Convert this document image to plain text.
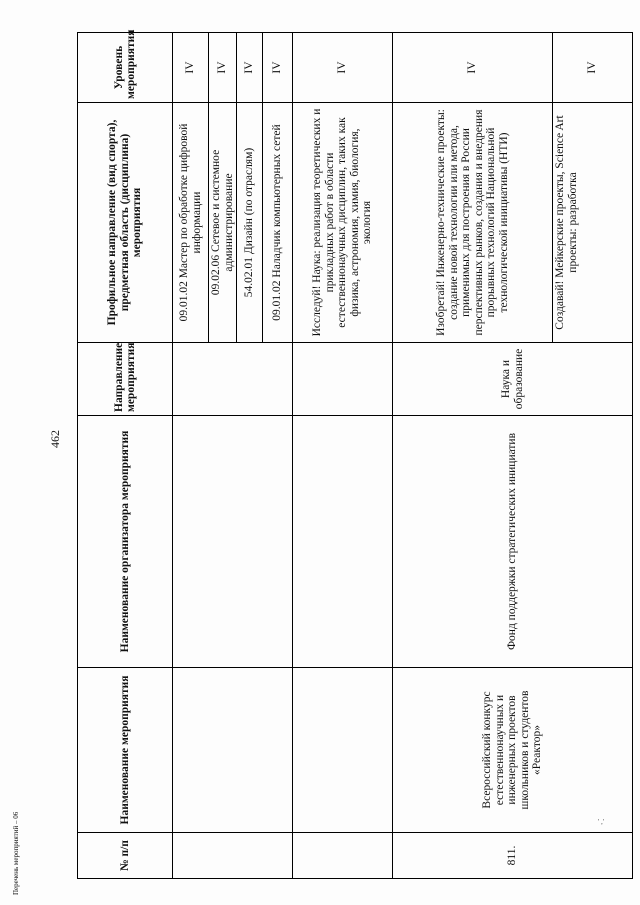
462
Перечень мероприятий – 06	' ,'
№ п/п	Наименование мероприятия	Наименование организатора мероприятия	Направление мероприятия	Профильное направление (вид спорта), предметная область (дисциплина) мероприятия	Уровень мероприятия
				09.01.02 Мастер по обработке цифровой информации	IV
				09.02.06 Сетевое и системное администрирование	IV
				54.02.01 Дизайн (по отраслям)	IV
				09.01.02 Наладчик компьютерных сетей	IV
				Исследуй! Наука: реализация теоретических и прикладных работ в области естественнонаучных дисциплин, таких как физика, астрономия, химия, биология, экология	IV
811.	Всероссийский конкурс естественнонаучных и инженерных проектов школьников и студентов «Реактор»	Фонд поддержки стратегических инициатив	Наука и образование	Изобретай! Инженерно-технические проекты: создание новой технологии или метода, применимых для построения в России перспективных рынков, создания и внедрения прорывных технологий Национальной технологической инициативы (НТИ)	IV
				Создавай! Мейкерские проекты, Science Art проекты: разработка	IV
